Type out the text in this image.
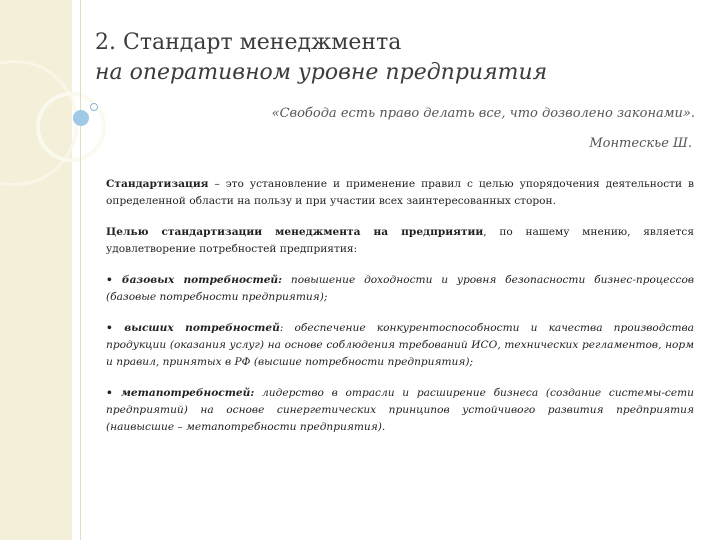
2. Стандарт менеджмента
на оперативном уровне предприятия
«Свобода есть право делать все, что дозволено законами».
Монтескье Ш.

Стандартизация – это установление и применение правил с целью упорядочения деятельности в определенной области на пользу и при участии всех заинтересованных сторон.

Целью стандартизации менеджмента на предприятии, по нашему мнению, является удовлетворение потребностей предприятия:

• базовых потребностей: повышение доходности и уровня безопасности бизнес-процессов (базовые потребности предприятия);

• высших потребностей: обеспечение конкурентоспособности и качества производства продукции (оказания услуг) на основе соблюдения требований ИСО, технических регламентов, норм и правил, принятых в РФ (высшие потребности предприятия);

• метапотребностей: лидерство в отрасли и расширение бизнеса (создание системы-сети предприятий) на основе синергетических принципов устойчивого развития предприятия (наивысшие – метапотребности предприятия).
